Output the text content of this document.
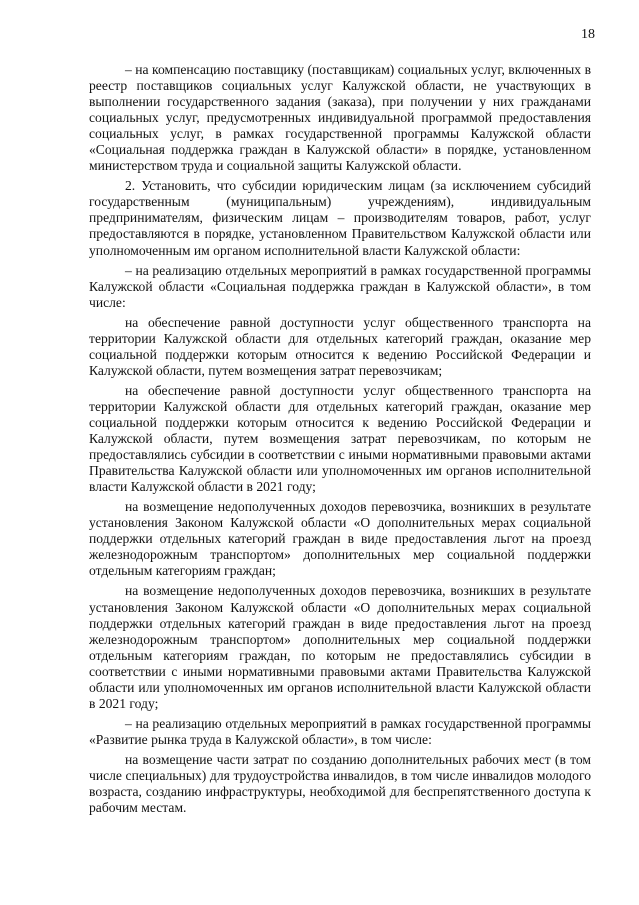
18

– на компенсацию поставщику (поставщикам) социальных услуг, включенных в реестр поставщиков социальных услуг Калужской области, не участвующих в выполнении государственного задания (заказа), при получении у них гражданами социальных услуг, предусмотренных индивидуальной программой предоставления социальных услуг, в рамках государственной программы Калужской области «Социальная поддержка граждан в Калужской области» в порядке, установленном министерством труда и социальной защиты Калужской области.

2. Установить, что субсидии юридическим лицам (за исключением субсидий государственным (муниципальным) учреждениям), индивидуальным предпринимателям, физическим лицам – производителям товаров, работ, услуг предоставляются в порядке, установленном Правительством Калужской области или уполномоченным им органом исполнительной власти Калужской области:

– на реализацию отдельных мероприятий в рамках государственной программы Калужской области «Социальная поддержка граждан в Калужской области», в том числе:

на обеспечение равной доступности услуг общественного транспорта на территории Калужской области для отдельных категорий граждан, оказание мер социальной поддержки которым относится к ведению Российской Федерации и Калужской области, путем возмещения затрат перевозчикам;

на обеспечение равной доступности услуг общественного транспорта на территории Калужской области для отдельных категорий граждан, оказание мер социальной поддержки которым относится к ведению Российской Федерации и Калужской области, путем возмещения затрат перевозчикам, по которым не предоставлялись субсидии в соответствии с иными нормативными правовыми актами Правительства Калужской области или уполномоченных им органов исполнительной власти Калужской области в 2021 году;

на возмещение недополученных доходов перевозчика, возникших в результате установления Законом Калужской области «О дополнительных мерах социальной поддержки отдельных категорий граждан в виде предоставления льгот на проезд железнодорожным транспортом» дополнительных мер социальной поддержки отдельным категориям граждан;

на возмещение недополученных доходов перевозчика, возникших в результате установления Законом Калужской области «О дополнительных мерах социальной поддержки отдельных категорий граждан в виде предоставления льгот на проезд железнодорожным транспортом» дополнительных мер социальной поддержки отдельным категориям граждан, по которым не предоставлялись субсидии в соответствии с иными нормативными правовыми актами Правительства Калужской области или уполномоченных им органов исполнительной власти Калужской области в 2021 году;

– на реализацию отдельных мероприятий в рамках государственной программы «Развитие рынка труда в Калужской области», в том числе:

на возмещение части затрат по созданию дополнительных рабочих мест (в том числе специальных) для трудоустройства инвалидов, в том числе инвалидов молодого возраста, созданию инфраструктуры, необходимой для беспрепятственного доступа к рабочим местам.
